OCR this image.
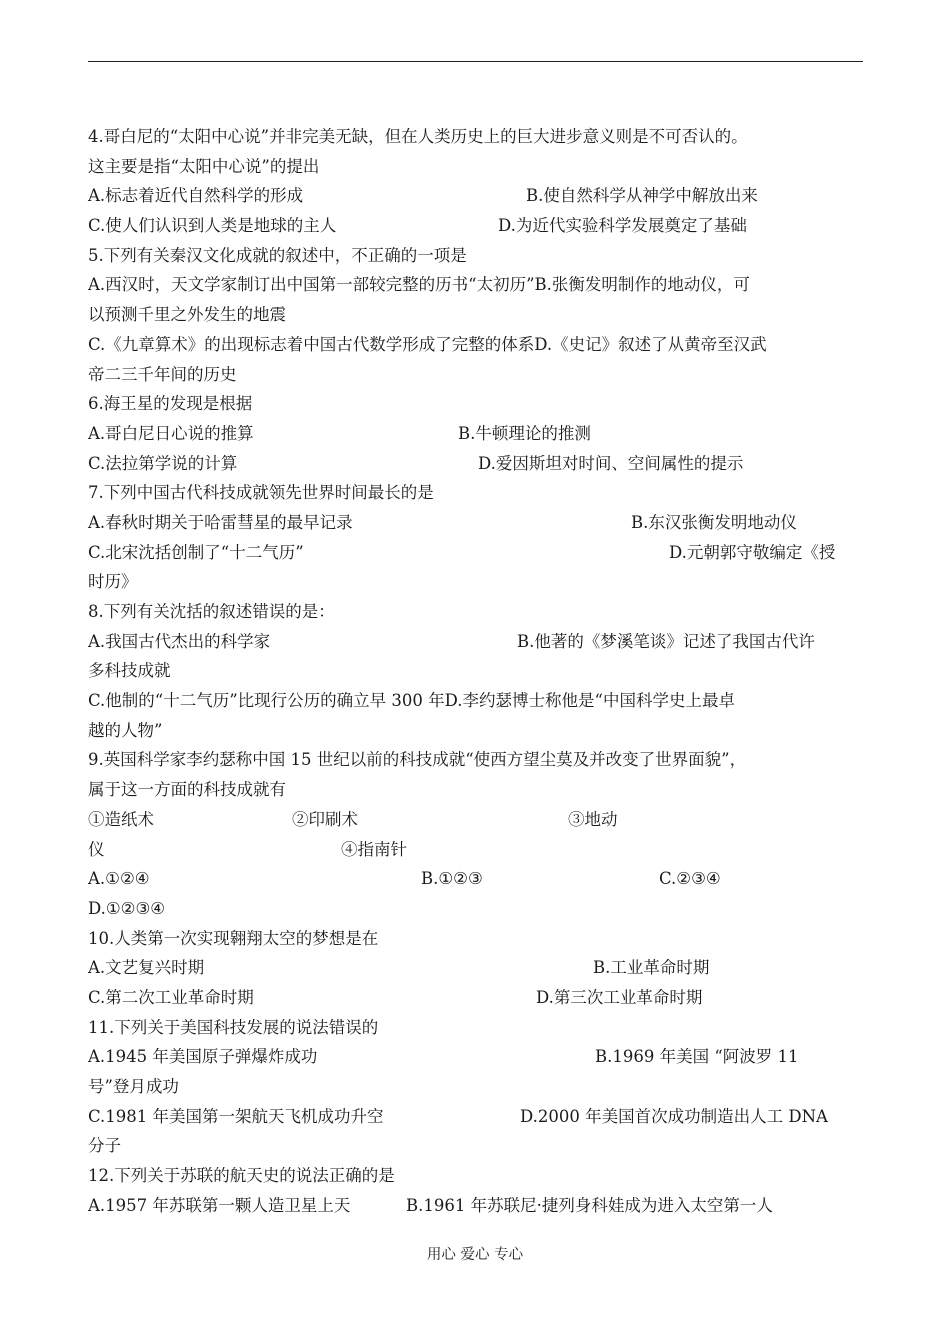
4.哥白尼的“太阳中心说”并非完美无缺，但在人类历史上的巨大进步意义则是不可否认的。
这主要是指“太阳中心说”的提出
A.标志着近代自然科学的形成	B.使自然科学从神学中解放出来
C.使人们认识到人类是地球的主人	D.为近代实验科学发展奠定了基础
5.下列有关秦汉文化成就的叙述中，不正确的一项是
A.西汉时，天文学家制订出中国第一部较完整的历书“太初历”B.张衡发明制作的地动仪，可
以预测千里之外发生的地震
C.《九章算术》的出现标志着中国古代数学形成了完整的体系D.《史记》叙述了从黄帝至汉武
帝二三千年间的历史
6.海王星的发现是根据
A.哥白尼日心说的推算	B.牛顿理论的推测
C.法拉第学说的计算	D.爱因斯坦对时间、空间属性的提示
7.下列中国古代科技成就领先世界时间最长的是
A.春秋时期关于哈雷彗星的最早记录	B.东汉张衡发明地动仪
C.北宋沈括创制了“十二气历”	D.元朝郭守敬编定《授
时历》
8.下列有关沈括的叙述错误的是：
A.我国古代杰出的科学家	B.他著的《梦溪笔谈》记述了我国古代许
多科技成就
C.他制的“十二气历”比现行公历的确立早 300 年D.李约瑟博士称他是“中国科学史上最卓
越的人物”
9.英国科学家李约瑟称中国 15 世纪以前的科技成就“使西方望尘莫及并改变了世界面貌”，
属于这一方面的科技成就有
①造纸术	②印刷术	③地动
仪	④指南针
A.①②④	B.①②③	C.②③④
D.①②③④
10.人类第一次实现翱翔太空的梦想是在
A.文艺复兴时期	B.工业革命时期
C.第二次工业革命时期	D.第三次工业革命时期
11.下列关于美国科技发展的说法错误的
A.1945 年美国原子弹爆炸成功	B.1969 年美国 “阿波罗 11
号”登月成功
C.1981 年美国第一架航天飞机成功升空	D.2000 年美国首次成功制造出人工 DNA
分子
12.下列关于苏联的航天史的说法正确的是
A.1957 年苏联第一颗人造卫星上天	B.1961 年苏联尼·捷列身科娃成为进入太空第一人
用心 爱心 专心
